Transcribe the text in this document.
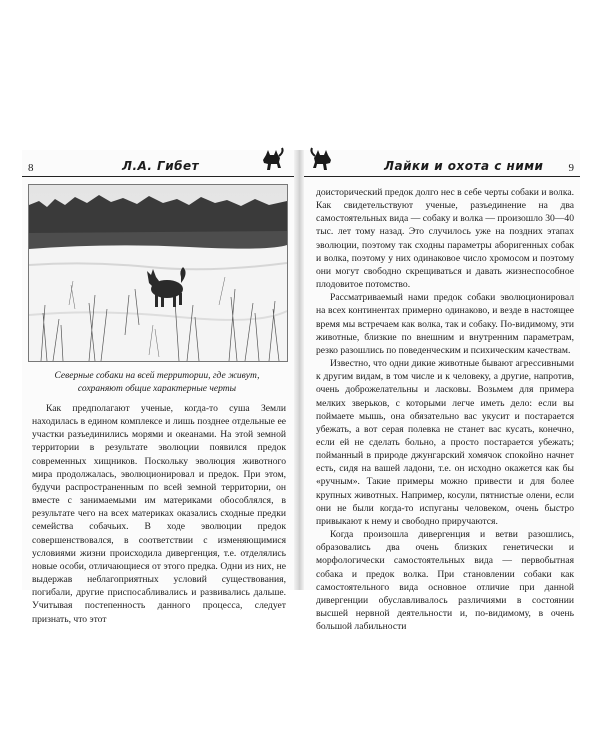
8	Л.А. Гибет
Северные собаки на всей территории, где живут, сохраняют общие характерные черты

Как предполагают ученые, когда-то суша Земли находилась в едином комплексе и лишь позднее отдельные ее участки разъединились морями и океанами. На этой земной территории в результате эволюции появился предок современных хищников. Поскольку эволюция животного мира продолжалась, эволюционировал и предок. При этом, будучи распространенным по всей земной территории, он вместе с занимаемыми им материками обособлялся, в результате чего на всех материках оказались сходные предки семейства собачьих. В ходе эволюции предок совершенствовался, в соответствии с изменяющимися условиями жизни происходила дивергенция, т.е. отделялись новые особи, отличающиеся от этого предка. Одни из них, не выдержав неблагоприятных условий существования, погибали, другие приспосабливались и развивались дальше. Учитывая постепенность данного процесса, следует признать, что этот

Лайки и охота с ними 9

доисторический предок долго нес в себе черты собаки и волка. Как свидетельствуют ученые, разъединение на два самостоятельных вида — собаку и волка — произошло 30—40 тыс. лет тому назад. Это случилось уже на поздних этапах эволюции, поэтому так сходны параметры аборигенных собак и волка, поэтому у них одинаковое число хромосом и поэтому они могут свободно скрещиваться и давать жизнеспособное плодовитое потомство.

Рассматриваемый нами предок собаки эволюционировал на всех континентах примерно одинаково, и везде в настоящее время мы встречаем как волка, так и собаку. По-видимому, эти животные, близкие по внешним и внутренним параметрам, резко разошлись по поведенческим и психическим качествам.

Известно, что одни дикие животные бывают агрессивными к другим видам, в том числе и к человеку, а другие, напротив, очень доброжелательны и ласковы. Возьмем для примера мелких зверьков, с которыми легче иметь дело: если вы поймаете мышь, она обязательно вас укусит и постарается убежать, а вот серая полевка не станет вас кусать, конечно, если ей не сделать больно, а просто постарается убежать; пойманный в природе джунгарский хомячок спокойно начнет есть, сидя на вашей ладони, т.е. он исходно окажется как бы «ручным». Такие примеры можно привести и для более крупных животных. Например, косули, пятнистые олени, если они не были когда-то испуганы человеком, очень быстро привыкают к нему и свободно приручаются.

Когда произошла дивергенция и ветви разошлись, образовались два очень близких генетически и морфологически самостоятельных вида — первобытная собака и предок волка. При становлении собаки как самостоятельного вида основное отличие при данной дивергенции обуславливалось различиями в состоянии высшей нервной деятельности и, по-видимому, в очень большой лабильности
